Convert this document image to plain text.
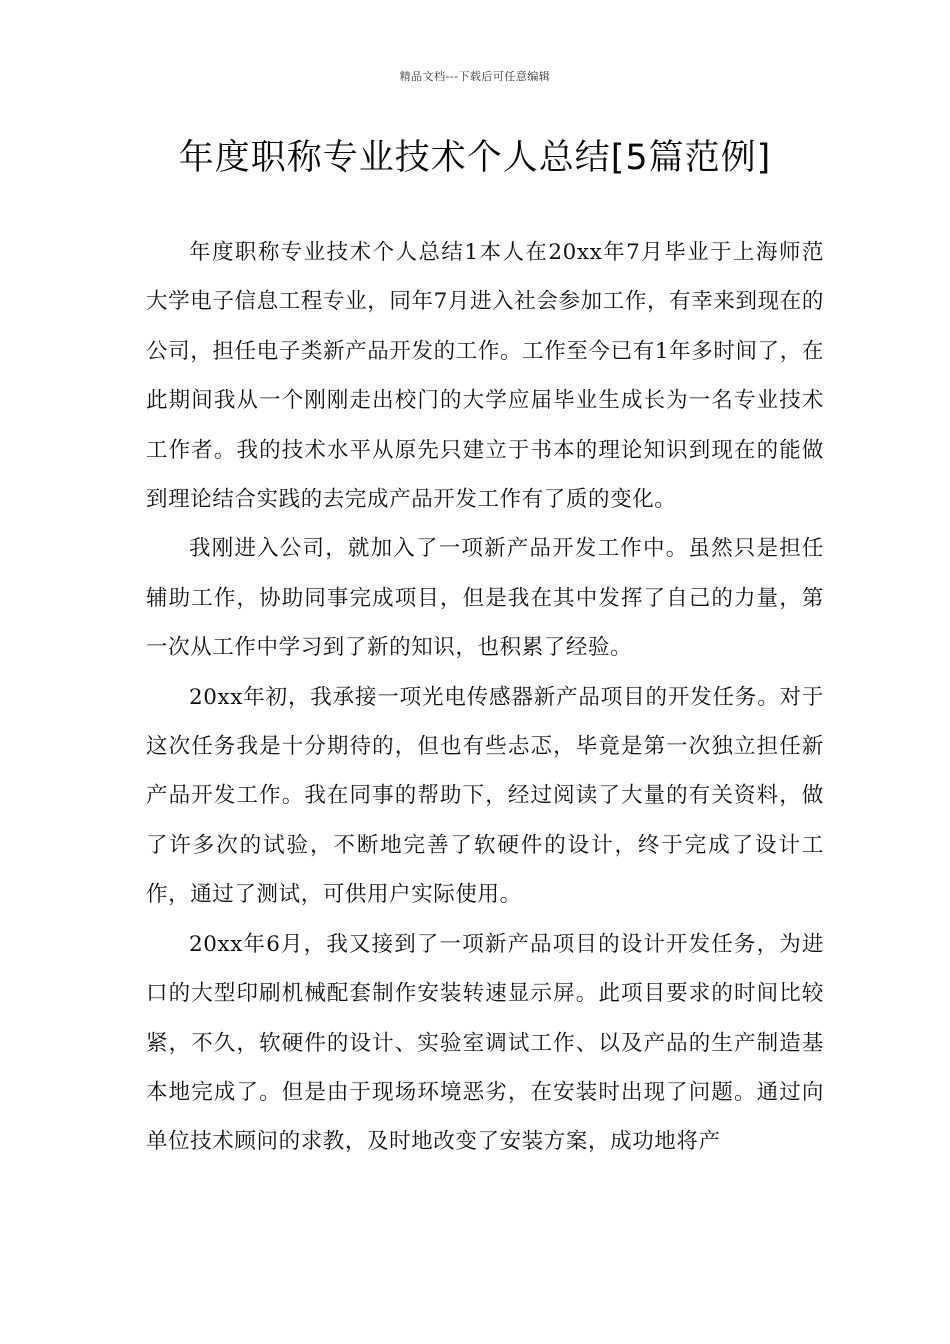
精品文档---下载后可任意编辑
年度职称专业技术个人总结[5篇范例]

年度职称专业技术个人总结1本人在20xx年7月毕业于上海师范大学电子信息工程专业，同年7月进入社会参加工作，有幸来到现在的公司，担任电子类新产品开发的工作。工作至今已有1年多时间了，在此期间我从一个刚刚走出校门的大学应届毕业生成长为一名专业技术工作者。我的技术水平从原先只建立于书本的理论知识到现在的能做到理论结合实践的去完成产品开发工作有了质的变化。

我刚进入公司，就加入了一项新产品开发工作中。虽然只是担任辅助工作，协助同事完成项目，但是我在其中发挥了自己的力量，第一次从工作中学习到了新的知识，也积累了经验。

20xx年初，我承接一项光电传感器新产品项目的开发任务。对于这次任务我是十分期待的，但也有些忐忑，毕竟是第一次独立担任新产品开发工作。我在同事的帮助下，经过阅读了大量的有关资料，做了许多次的试验，不断地完善了软硬件的设计，终于完成了设计工作，通过了测试，可供用户实际使用。

20xx年6月，我又接到了一项新产品项目的设计开发任务，为进口的大型印刷机械配套制作安装转速显示屏。此项目要求的时间比较紧，不久，软硬件的设计、实验室调试工作、以及产品的生产制造基本地完成了。但是由于现场环境恶劣，在安装时出现了问题。通过向单位技术顾问的求教，及时地改变了安装方案，成功地将产
